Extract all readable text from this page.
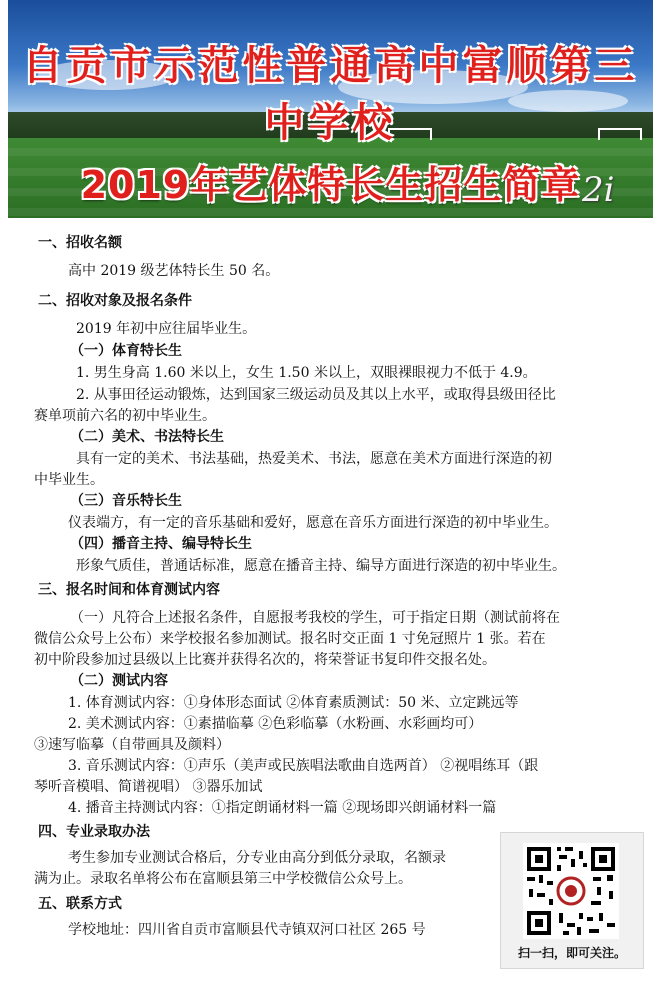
自贡市示范性普通高中富顺第三中学校
2019年艺体特长生招生简章 2i
一、招收名额
高中 2019 级艺体特长生 50 名。
二、招收对象及报名条件
2019 年初中应往届毕业生。
（一）体育特长生
1. 男生身高 1.60 米以上，女生 1.50 米以上，双眼裸眼视力不低于 4.9。
2. 从事田径运动锻炼，达到国家三级运动员及其以上水平，或取得县级田径比
赛单项前六名的初中毕业生。
（二）美术、书法特长生
具有一定的美术、书法基础，热爱美术、书法，愿意在美术方面进行深造的初
中毕业生。
（三）音乐特长生
仪表端方，有一定的音乐基础和爱好，愿意在音乐方面进行深造的初中毕业生。
（四）播音主持、编导特长生
形象气质佳，普通话标准，愿意在播音主持、编导方面进行深造的初中毕业生。
三、报名时间和体育测试内容
（一）凡符合上述报名条件，自愿报考我校的学生，可于指定日期（测试前将在
微信公众号上公布）来学校报名参加测试。报名时交正面 1 寸免冠照片 1 张。若在
初中阶段参加过县级以上比赛并获得名次的，将荣誉证书复印件交报名处。
（二）测试内容
1. 体育测试内容：①身体形态面试 ②体育素质测试：50 米、立定跳远等
2. 美术测试内容：①素描临摹 ②色彩临摹（水粉画、水彩画均可）
③速写临摹（自带画具及颜料）
3. 音乐测试内容：①声乐（美声或民族唱法歌曲自选两首） ②视唱练耳（跟
琴听音模唱、简谱视唱） ③器乐加试
4. 播音主持测试内容：①指定朗诵材料一篇 ②现场即兴朗诵材料一篇
四、专业录取办法
考生参加专业测试合格后，分专业由高分到低分录取，名额录
满为止。录取名单将公布在富顺县第三中学校微信公众号上。
五、联系方式
学校地址：四川省自贡市富顺县代寺镇双河口社区 265 号
扫一扫，即可关注。
